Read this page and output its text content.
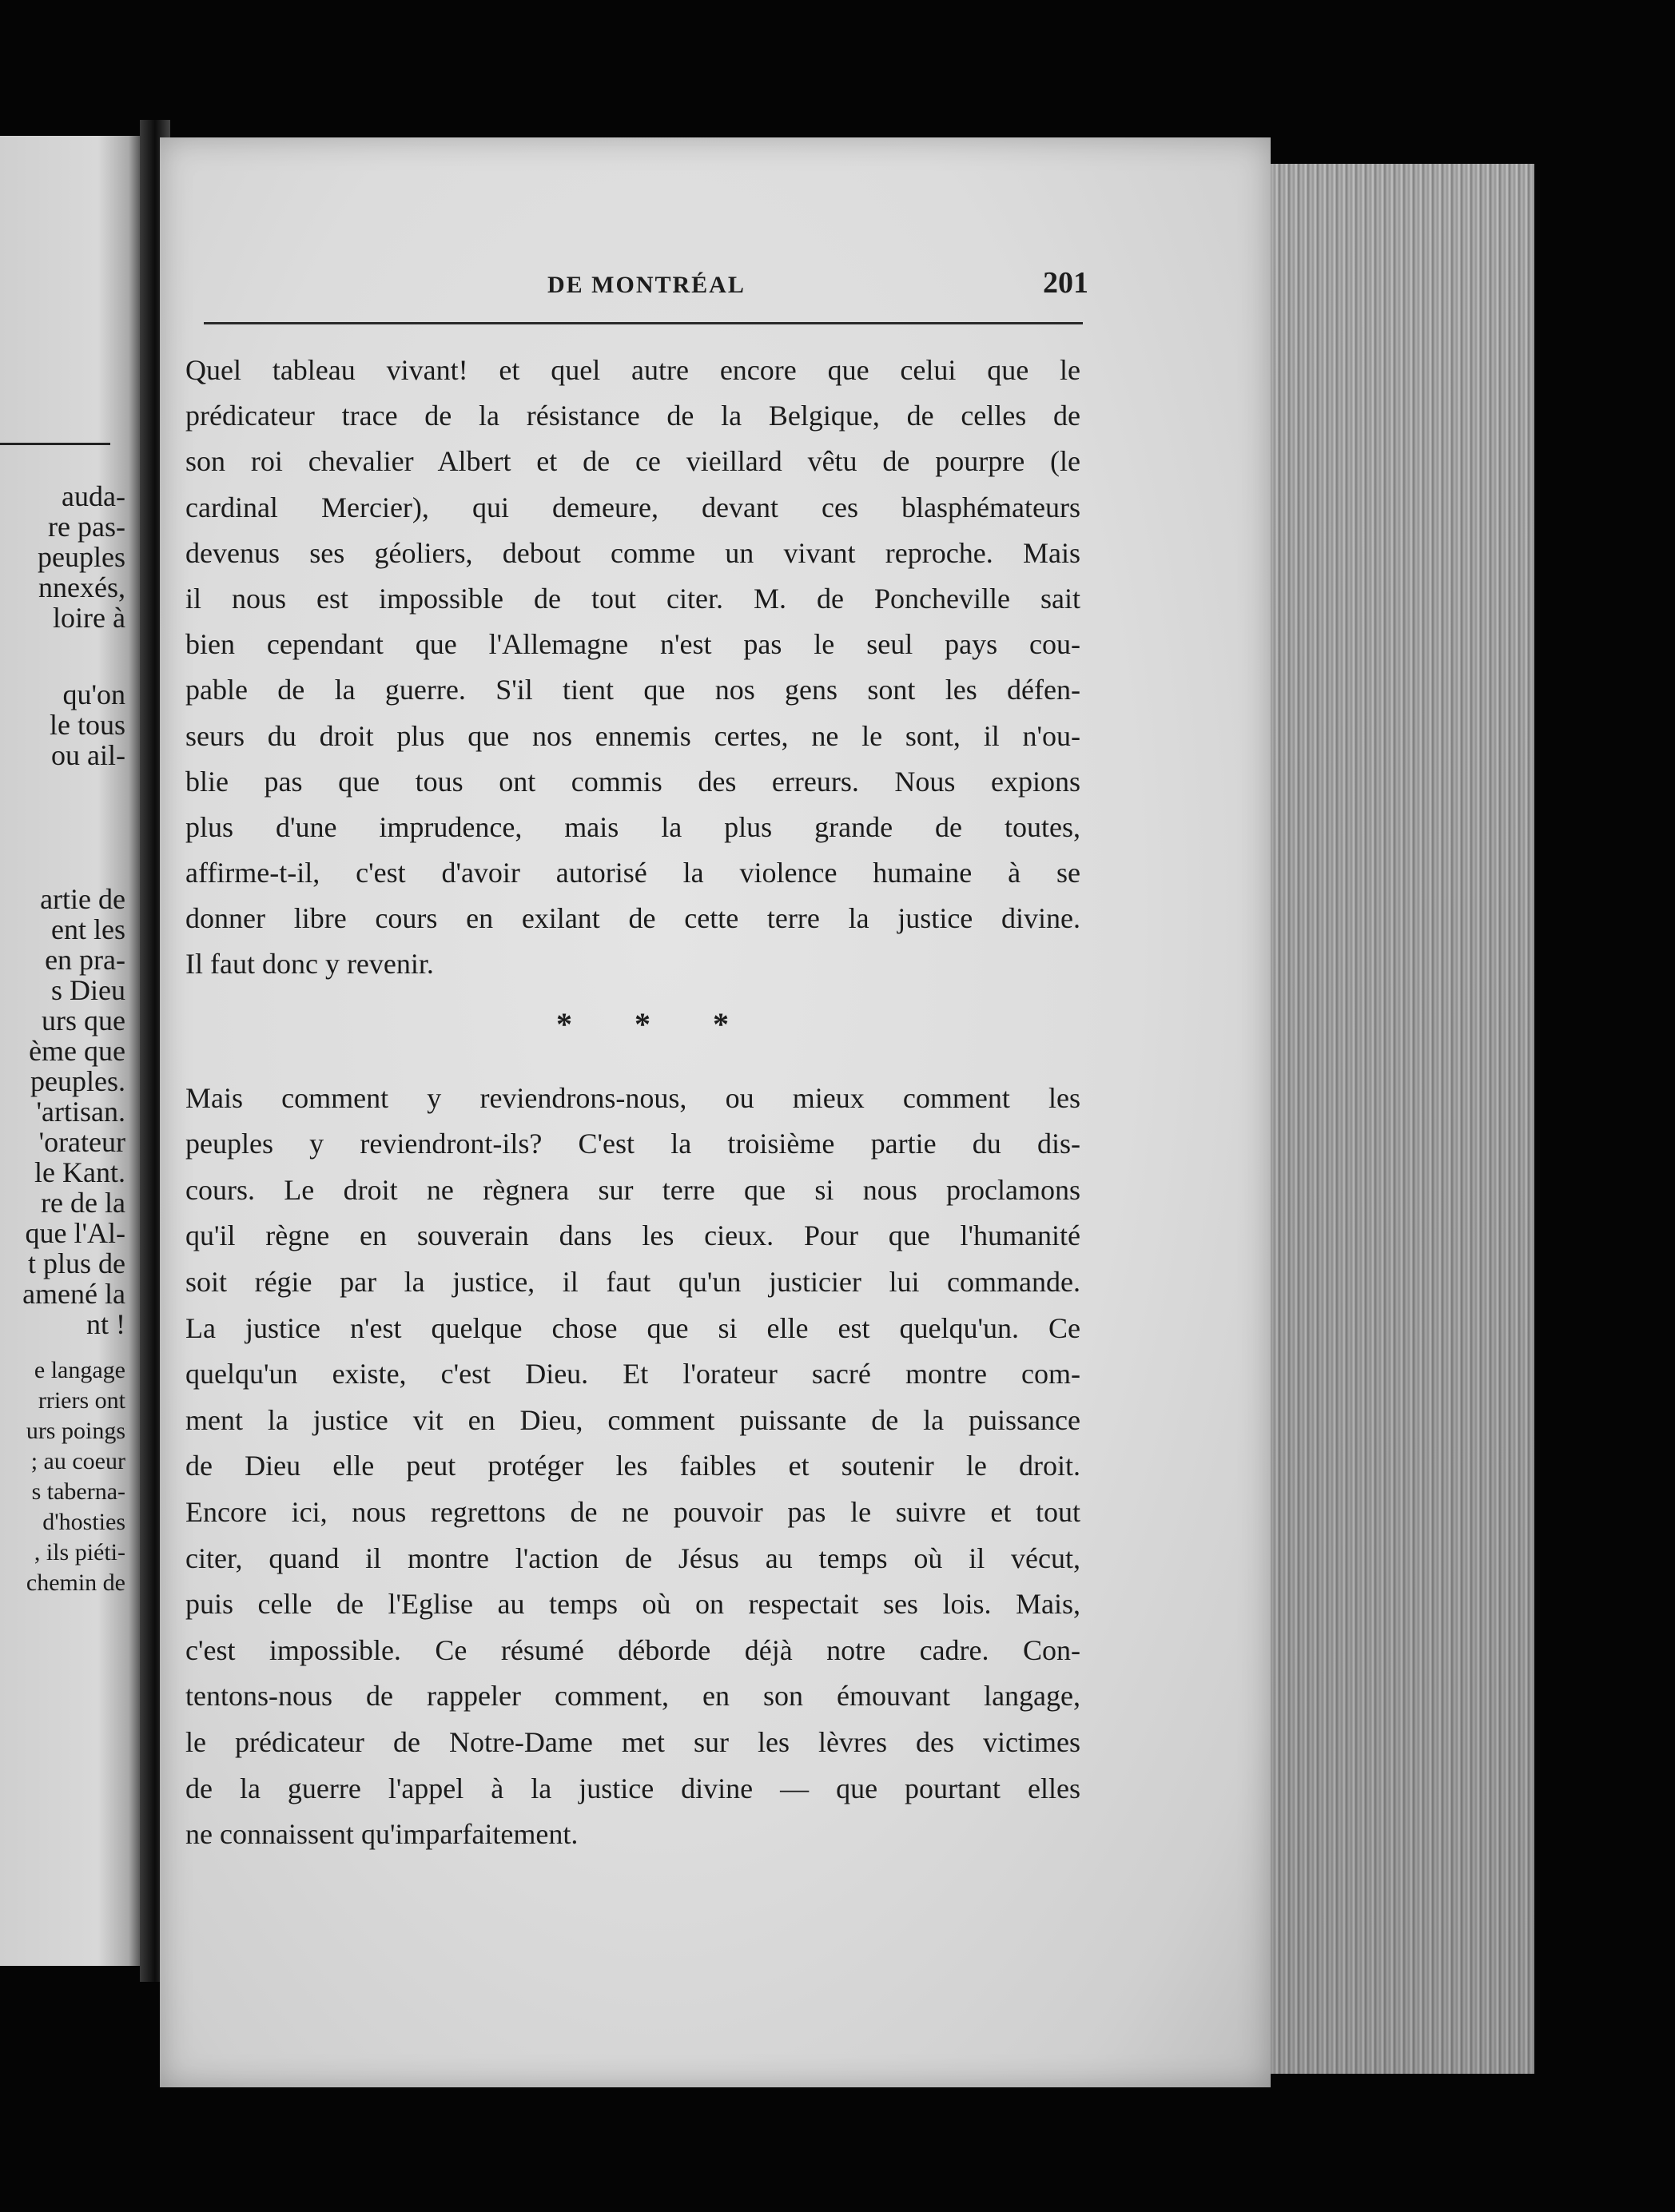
auda-
re pas-
peuples
nnexés,
loire à
qu'on
le tous
ou ail-
artie de
ent les
en pra-
s Dieu
urs que
ème que
peuples.
'artisan.
'orateur
le Kant.
re de la
que l'Al-
t plus de
amené la
nt !
e langage
rriers ont
urs poings
; au coeur
s taberna-
d'hosties
, ils piéti-
chemin de
DE MONTRÉAL	201
Quel tableau vivant! et quel autre encore que celui que le
prédicateur trace de la résistance de la Belgique, de celles de
son roi chevalier Albert et de ce vieillard vêtu de pourpre (le
cardinal Mercier), qui demeure, devant ces blasphémateurs
devenus ses géoliers, debout comme un vivant reproche. Mais
il nous est impossible de tout citer. M. de Poncheville sait
bien cependant que l'Allemagne n'est pas le seul pays cou-
pable de la guerre. S'il tient que nos gens sont les défen-
seurs du droit plus que nos ennemis certes, ne le sont, il n'ou-
blie pas que tous ont commis des erreurs. Nous expions
plus d'une imprudence, mais la plus grande de toutes,
affirme-t-il, c'est d'avoir autorisé la violence humaine à se
donner libre cours en exilant de cette terre la justice divine.
Il faut donc y revenir.
* * *
Mais comment y reviendrons-nous, ou mieux comment les
peuples y reviendront-ils? C'est la troisième partie du dis-
cours. Le droit ne règnera sur terre que si nous proclamons
qu'il règne en souverain dans les cieux. Pour que l'humanité
soit régie par la justice, il faut qu'un justicier lui commande.
La justice n'est quelque chose que si elle est quelqu'un. Ce
quelqu'un existe, c'est Dieu. Et l'orateur sacré montre com-
ment la justice vit en Dieu, comment puissante de la puissance
de Dieu elle peut protéger les faibles et soutenir le droit.
Encore ici, nous regrettons de ne pouvoir pas le suivre et tout
citer, quand il montre l'action de Jésus au temps où il vécut,
puis celle de l'Eglise au temps où on respectait ses lois. Mais,
c'est impossible. Ce résumé déborde déjà notre cadre. Con-
tentons-nous de rappeler comment, en son émouvant langage,
le prédicateur de Notre-Dame met sur les lèvres des victimes
de la guerre l'appel à la justice divine — que pourtant elles
ne connaissent qu'imparfaitement.
